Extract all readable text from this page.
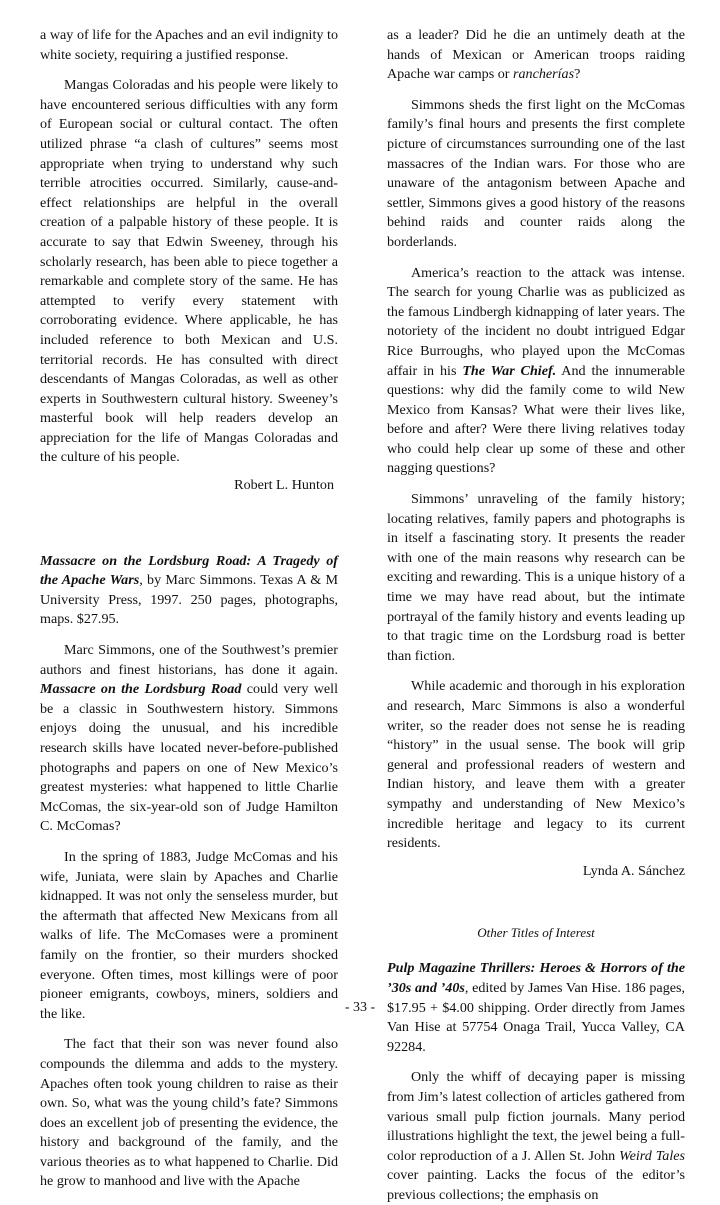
a way of life for the Apaches and an evil indignity to white society, requiring a justified response.

Mangas Coloradas and his people were likely to have encountered serious difficulties with any form of European social or cultural contact. The often utilized phrase “a clash of cultures” seems most appropriate when trying to understand why such terrible atrocities occurred. Similarly, cause-and-effect relationships are helpful in the overall creation of a palpable history of these people. It is accurate to say that Edwin Sweeney, through his scholarly research, has been able to piece together a remarkable and complete story of the same. He has attempted to verify every statement with corroborating evidence. Where applicable, he has included reference to both Mexican and U.S. territorial records. He has consulted with direct descendants of Mangas Coloradas, as well as other experts in Southwestern cultural history. Sweeney’s masterful book will help readers develop an appreciation for the life of Mangas Coloradas and the culture of his people.

Robert L. Hunton

Massacre on the Lordsburg Road: A Tragedy of the Apache Wars, by Marc Simmons. Texas A & M University Press, 1997. 250 pages, photographs, maps. $27.95.

Marc Simmons, one of the Southwest’s premier authors and finest historians, has done it again. Massacre on the Lordsburg Road could very well be a classic in Southwestern history. Simmons enjoys doing the unusual, and his incredible research skills have located never-before-published photographs and papers on one of New Mexico’s greatest mysteries: what happened to little Charlie McComas, the six-year-old son of Judge Hamilton C. McComas?

In the spring of 1883, Judge McComas and his wife, Juniata, were slain by Apaches and Charlie kidnapped. It was not only the senseless murder, but the aftermath that affected New Mexicans from all walks of life. The McComases were a prominent family on the frontier, so their murders shocked everyone. Often times, most killings were of poor pioneer emigrants, cowboys, miners, soldiers and the like.

The fact that their son was never found also compounds the dilemma and adds to the mystery. Apaches often took young children to raise as their own. So, what was the young child’s fate? Simmons does an excellent job of presenting the evidence, the history and background of the family, and the various theories as to what happened to Charlie. Did he grow to manhood and live with the Apache

as a leader? Did he die an untimely death at the hands of Mexican or American troops raiding Apache war camps or rancherías?

Simmons sheds the first light on the McComas family’s final hours and presents the first complete picture of circumstances surrounding one of the last massacres of the Indian wars. For those who are unaware of the antagonism between Apache and settler, Simmons gives a good history of the reasons behind raids and counter raids along the borderlands.

America’s reaction to the attack was intense. The search for young Charlie was as publicized as the famous Lindbergh kidnapping of later years. The notoriety of the incident no doubt intrigued Edgar Rice Burroughs, who played upon the McComas affair in his The War Chief. And the innumerable questions: why did the family come to wild New Mexico from Kansas? What were their lives like, before and after? Were there living relatives today who could help clear up some of these and other nagging questions?

Simmons’ unraveling of the family history; locating relatives, family papers and photographs is in itself a fascinating story. It presents the reader with one of the main reasons why research can be exciting and rewarding. This is a unique history of a time we may have read about, but the intimate portrayal of the family history and events leading up to that tragic time on the Lordsburg road is better than fiction.

While academic and thorough in his exploration and research, Marc Simmons is also a wonderful writer, so the reader does not sense he is reading “history” in the usual sense. The book will grip general and professional readers of western and Indian history, and leave them with a greater sympathy and understanding of New Mexico’s incredible heritage and legacy to its current residents.

Lynda A. Sánchez
Other Titles of Interest

Pulp Magazine Thrillers: Heroes & Horrors of the ’30s and ’40s, edited by James Van Hise. 186 pages, $17.95 + $4.00 shipping. Order directly from James Van Hise at 57754 Onaga Trail, Yucca Valley, CA 92284.

Only the whiff of decaying paper is missing from Jim’s latest collection of articles gathered from various small pulp fiction journals. Many period illustrations highlight the text, the jewel being a full-color reproduction of a J. Allen St. John Weird Tales cover painting. Lacks the focus of the editor’s previous collections; the emphasis on

- 33 -
